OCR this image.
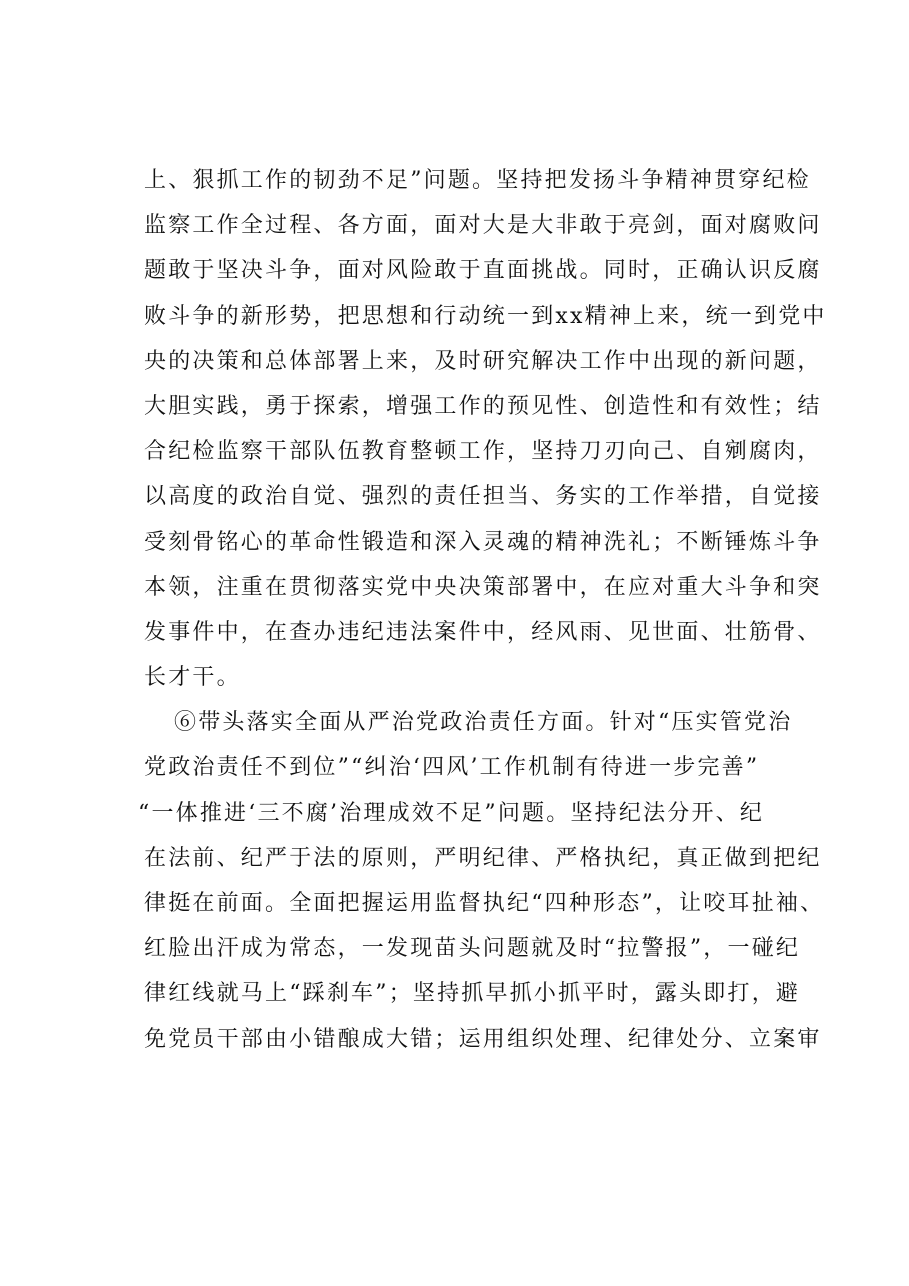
上、狠抓工作的韧劲不足”问题。坚持把发扬斗争精神贯穿纪检
监察工作全过程、各方面，面对大是大非敢于亮剑，面对腐败问
题敢于坚决斗争，面对风险敢于直面挑战。同时，正确认识反腐
败斗争的新形势，把思想和行动统一到xx精神上来，统一到党中
央的决策和总体部署上来，及时研究解决工作中出现的新问题，
大胆实践，勇于探索，增强工作的预见性、创造性和有效性；结
合纪检监察干部队伍教育整顿工作，坚持刀刃向己、自剜腐肉，
以高度的政治自觉、强烈的责任担当、务实的工作举措，自觉接
受刻骨铭心的革命性锻造和深入灵魂的精神洗礼；不断锤炼斗争
本领，注重在贯彻落实党中央决策部署中，在应对重大斗争和突
发事件中，在查办违纪违法案件中，经风雨、见世面、壮筋骨、
长才干。
⑥带头落实全面从严治党政治责任方面。针对“压实管党治
党政治责任不到位”“纠治‘四风’工作机制有待进一步完善”
“一体推进‘三不腐’治理成效不足”问题。坚持纪法分开、纪
在法前、纪严于法的原则，严明纪律、严格执纪，真正做到把纪
律挺在前面。全面把握运用监督执纪“四种形态”，让咬耳扯袖、
红脸出汗成为常态，一发现苗头问题就及时“拉警报”，一碰纪
律红线就马上“踩刹车”；坚持抓早抓小抓平时，露头即打，避
免党员干部由小错酿成大错；运用组织处理、纪律处分、立案审
